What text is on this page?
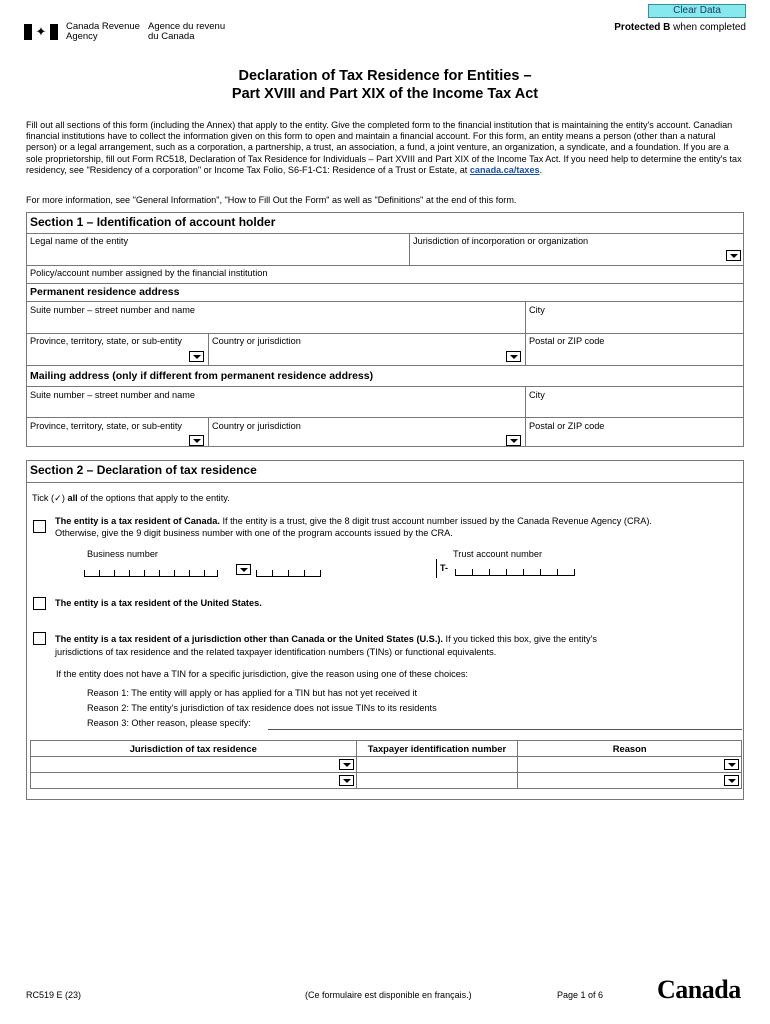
✦ Canada Revenue
Agency
Agence du revenu
du Canada
Clear Data
Protected B when completed
Declaration of Tax Residence for Entities –
Part XVIII and Part XIX of the Income Tax Act
Fill out all sections of this form (including the Annex) that apply to the entity. Give the completed form to the financial institution that is maintaining the entity's account. Canadian financial institutions have to collect the information given on this form to open and maintain a financial account. For this form, an entity means a person (other than a natural person) or a legal arrangement, such as a corporation, a partnership, a trust, an association, a fund, a joint venture, an organization, a syndicate, and a foundation. If you are a sole proprietorship, fill out Form RC518, Declaration of Tax Residence for Individuals – Part XVIII and Part XIX of the Income Tax Act. If you need help to determine the entity's tax residency, see "Residency of a corporation" or Income Tax Folio, S6-F1-C1: Residence of a Trust or Estate, at canada.ca/taxes.
For more information, see "General Information", "How to Fill Out the Form" as well as "Definitions" at the end of this form.
Section 1 – Identification of account holder
Legal name of the entity	Jurisdiction of incorporation or organization
Policy/account number assigned by the financial institution
Permanent residence address
Suite number – street number and name	City
Province, territory, state, or sub-entity	Country or jurisdiction	Postal or ZIP code
Mailing address (only if different from permanent residence address)
Suite number – street number and name	City
Province, territory, state, or sub-entity	Country or jurisdiction	Postal or ZIP code
Section 2 – Declaration of tax residence
Tick (✓) all of the options that apply to the entity.
The entity is a tax resident of Canada. If the entity is a trust, give the 8 digit trust account number issued by the Canada Revenue Agency (CRA).
Otherwise, give the 9 digit business number with one of the program accounts issued by the CRA.
Business number	Trust account number
T-
The entity is a tax resident of the United States.
The entity is a tax resident of a jurisdiction other than Canada or the United States (U.S.). If you ticked this box, give the entity's
jurisdictions of tax residence and the related taxpayer identification numbers (TINs) or functional equivalents.
If the entity does not have a TIN for a specific jurisdiction, give the reason using one of these choices:
Reason 1: The entity will apply or has applied for a TIN but has not yet received it
Reason 2: The entity's jurisdiction of tax residence does not issue TINs to its residents
Reason 3: Other reason, please specify:
Jurisdiction of tax residence	Taxpayer identification number	Reason

RC519 E (23)	(Ce formulaire est disponible en français.)	Page 1 of 6 Canada
